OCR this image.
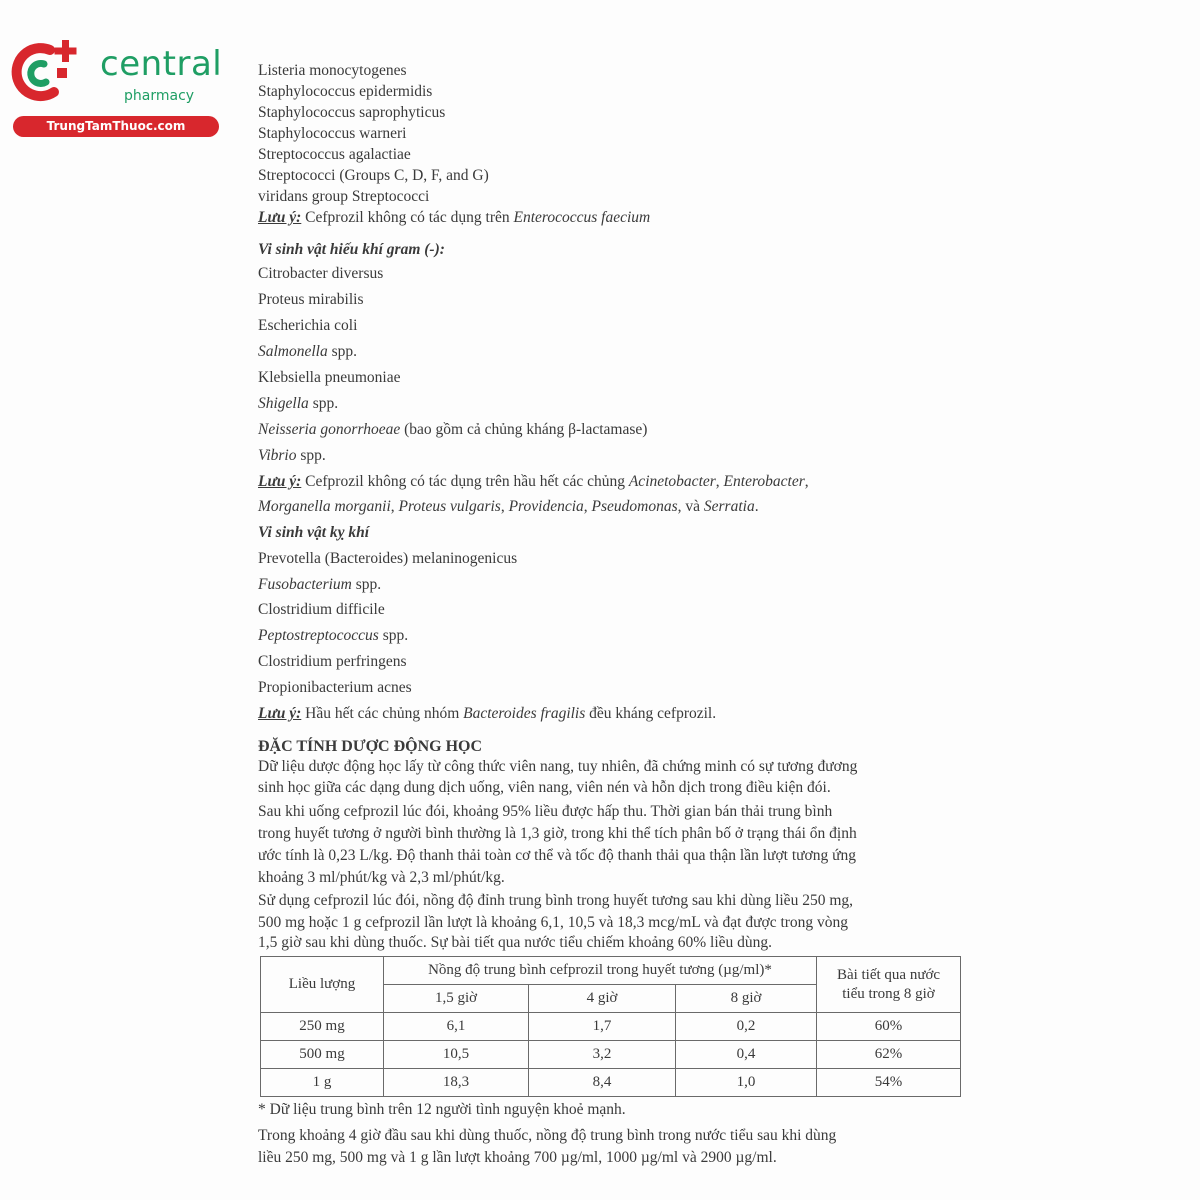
central
pharmacy
TrungTamThuoc.com
Listeria monocytogenes
Staphylococcus epidermidis
Staphylococcus saprophyticus
Staphylococcus warneri
Streptococcus agalactiae
Streptococci (Groups C, D, F, and G)
viridans group Streptococci
Lưu ý: Cefprozil không có tác dụng trên Enterococcus faecium
Vi sinh vật hiếu khí gram (-):
Citrobacter diversus
Proteus mirabilis
Escherichia coli
Salmonella spp.
Klebsiella pneumoniae
Shigella spp.
Neisseria gonorrhoeae (bao gồm cả chủng kháng β-lactamase)
Vibrio spp.
Lưu ý: Cefprozil không có tác dụng trên hầu hết các chủng Acinetobacter, Enterobacter,
Morganella morganii, Proteus vulgaris, Providencia, Pseudomonas, và Serratia.
Vi sinh vật kỵ khí
Prevotella (Bacteroides) melaninogenicus
Fusobacterium spp.
Clostridium difficile
Peptostreptococcus spp.
Clostridium perfringens
Propionibacterium acnes
Lưu ý: Hầu hết các chủng nhóm Bacteroides fragilis đều kháng cefprozil.
ĐẶC TÍNH DƯỢC ĐỘNG HỌC
Dữ liệu dược động học lấy từ công thức viên nang, tuy nhiên, đã chứng minh có sự tương đương
sinh học giữa các dạng dung dịch uống, viên nang, viên nén và hỗn dịch trong điều kiện đói.
Sau khi uống cefprozil lúc đói, khoảng 95% liều được hấp thu. Thời gian bán thải trung bình
trong huyết tương ở người bình thường là 1,3 giờ, trong khi thể tích phân bố ở trạng thái ổn định
ước tính là 0,23 L/kg. Độ thanh thải toàn cơ thể và tốc độ thanh thải qua thận lần lượt tương ứng
khoảng 3 ml/phút/kg và 2,3 ml/phút/kg.
Sử dụng cefprozil lúc đói, nồng độ đỉnh trung bình trong huyết tương sau khi dùng liều 250 mg,
500 mg hoặc 1 g cefprozil lần lượt là khoảng 6,1, 10,5 và 18,3 mcg/mL và đạt được trong vòng
1,5 giờ sau khi dùng thuốc. Sự bài tiết qua nước tiểu chiếm khoảng 60% liều dùng.
Liều lượng	Nồng độ trung bình cefprozil trong huyết tương (µg/ml)*			Bài tiết qua nước
tiểu trong 8 giờ
	1,5 giờ	4 giờ	8 giờ	
250 mg	6,1	1,7	0,2	60%
500 mg	10,5	3,2	0,4	62%
1 g	18,3	8,4	1,0	54%
* Dữ liệu trung bình trên 12 người tình nguyện khoẻ mạnh.
Trong khoảng 4 giờ đầu sau khi dùng thuốc, nồng độ trung bình trong nước tiểu sau khi dùng
liều 250 mg, 500 mg và 1 g lần lượt khoảng 700 µg/ml, 1000 µg/ml và 2900 µg/ml.
